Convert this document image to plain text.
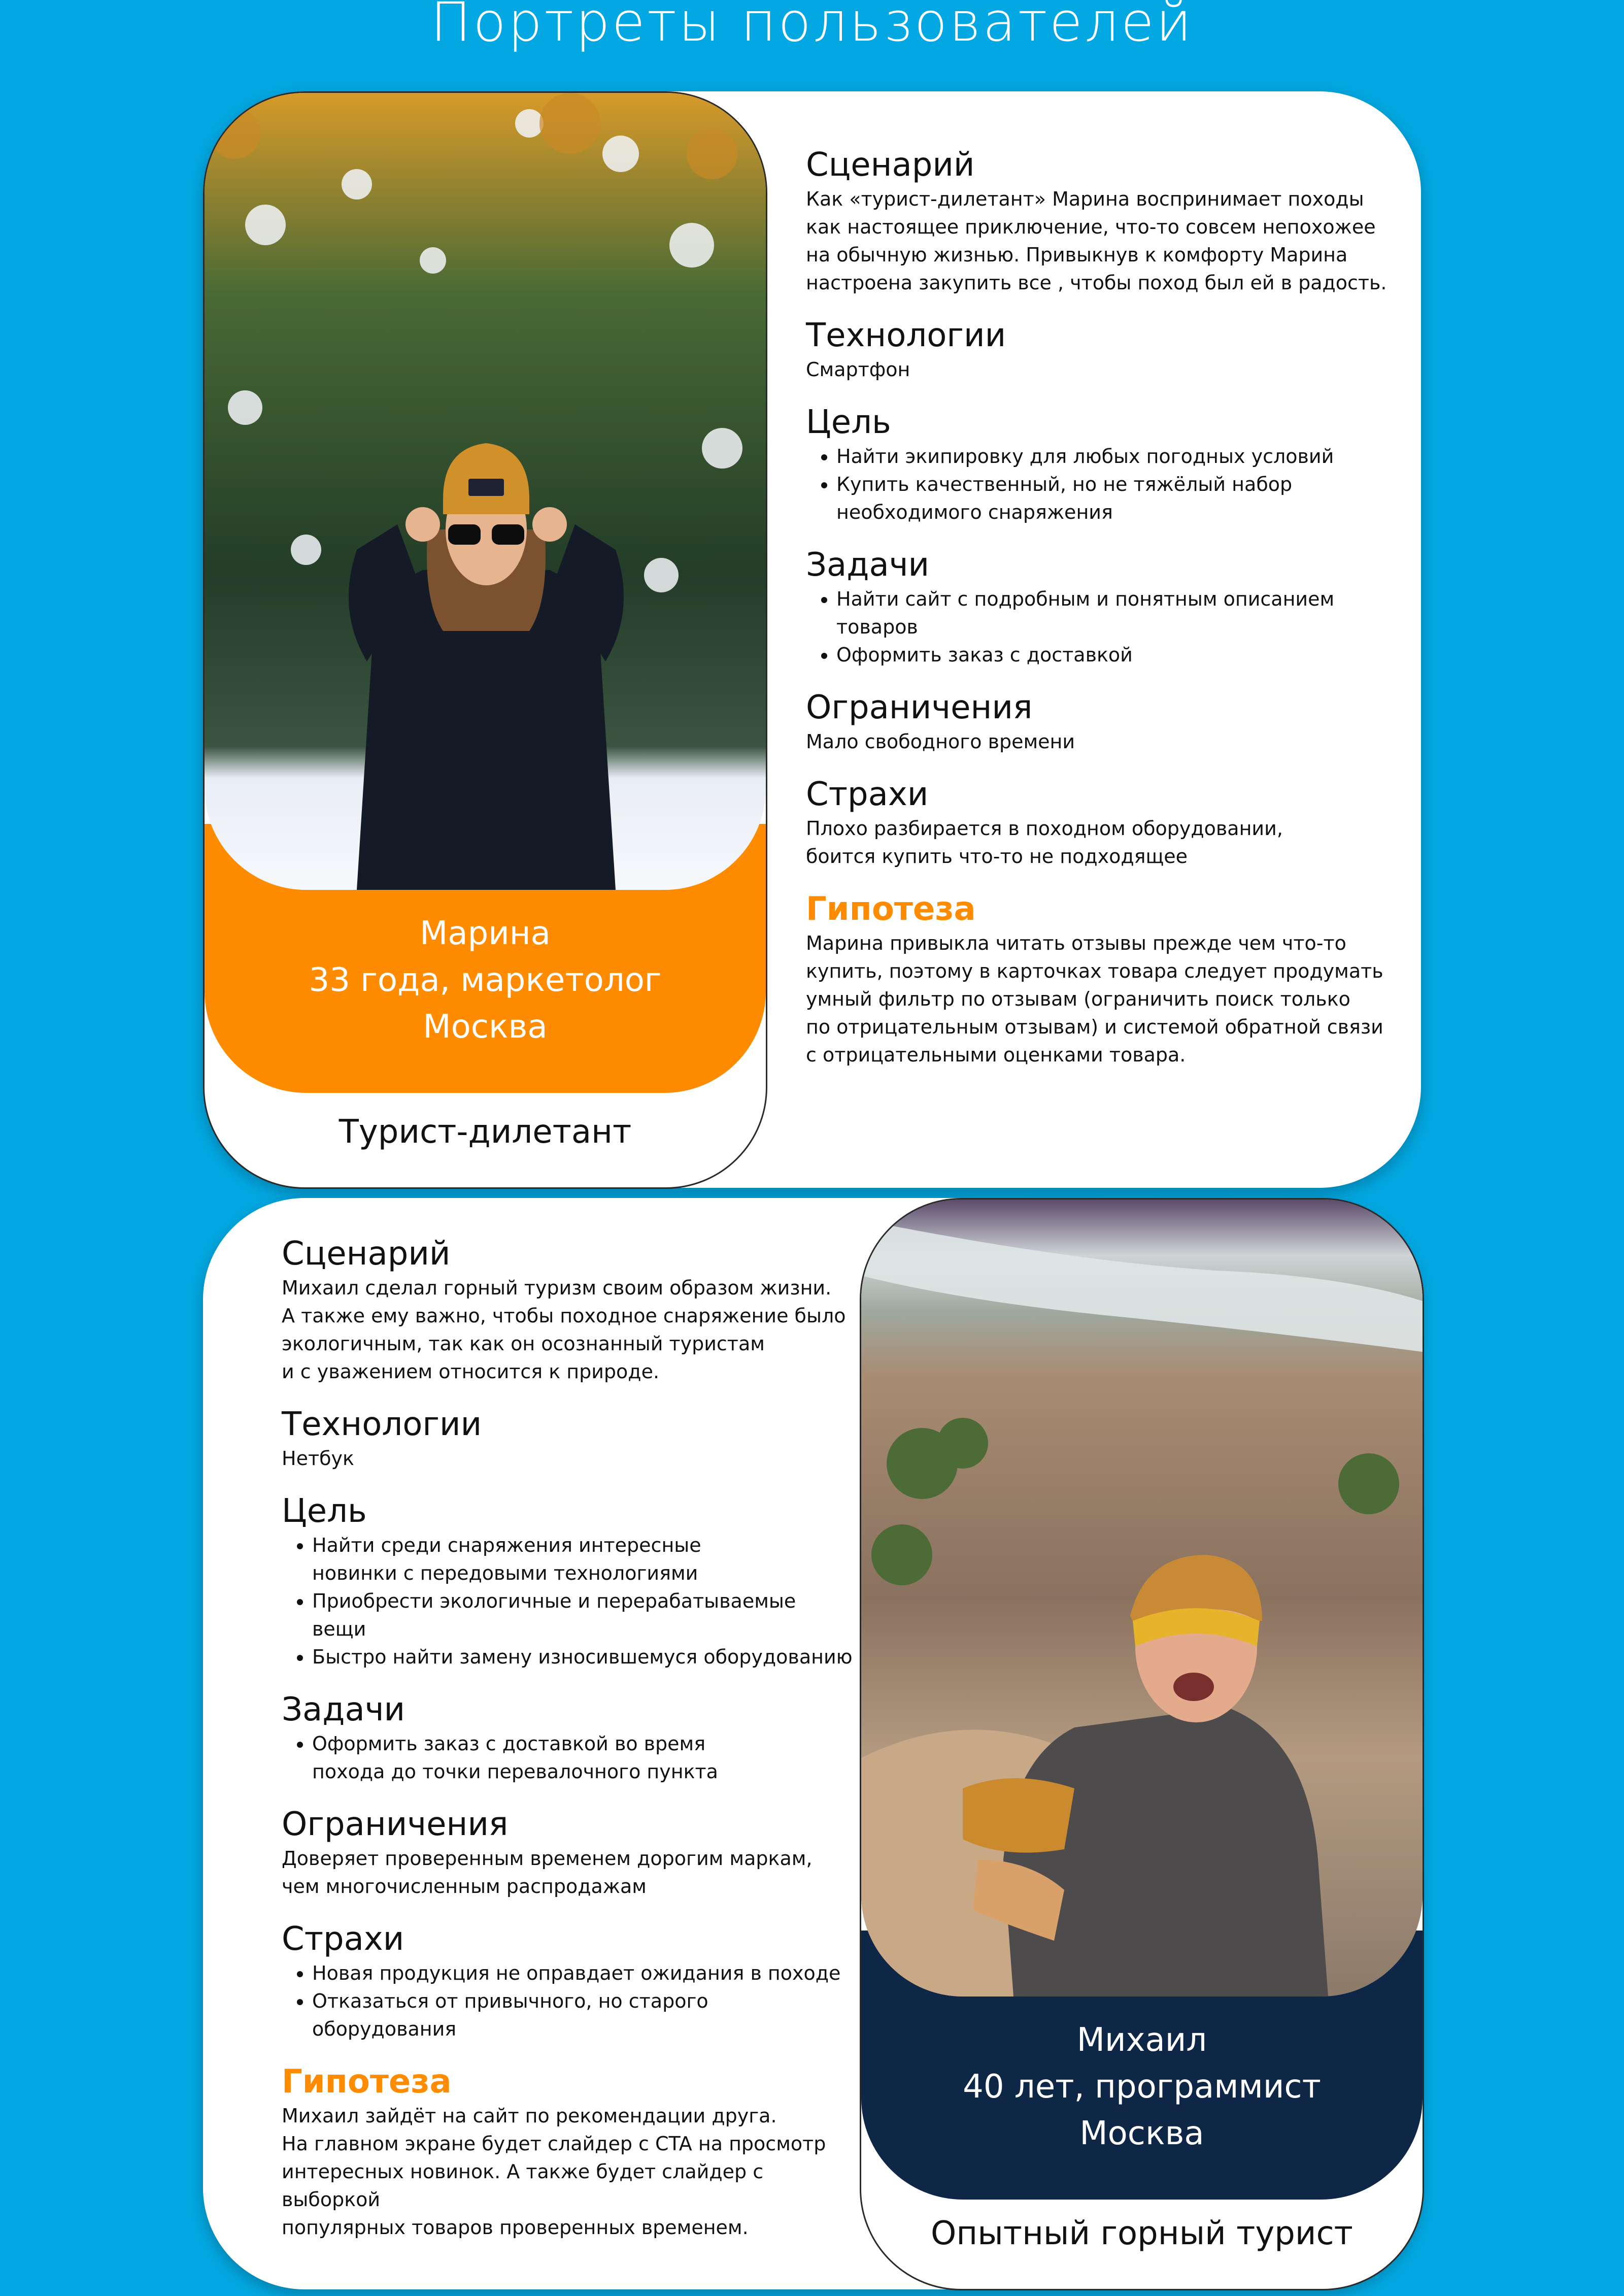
Портреты пользователей
Марина
33 года, маркетолог
Москва
Турист-дилетант
Сценарий

Как «турист-дилетант» Марина воспринимает походы
как настоящее приключение, что-то совсем непохожее
на обычную жизнью. Привыкнув к комфорту Марина
настроена закупить все , чтобы поход был ей в радость.

Технологии

Смартфон

Цель
• Найти экипировку для любых погодных условий
• Купить качественный, но не тяжёлый набор необходимого снаряжения
Задачи
• Найти сайт с подробным и понятным описанием товаров
• Оформить заказ с доставкой
Ограничения

Мало свободного времени

Страхи

Плохо разбирается в походном оборудовании,
боится купить что-то не подходящее

Гипотеза

Марина привыкла читать отзывы прежде чем что-то
купить, поэтому в карточках товара следует продумать
умный фильтр по отзывам (ограничить поиск только
по отрицательным отзывам) и системой обратной связи
с отрицательными оценками товара.

Сценарий

Михаил сделал горный туризм своим образом жизни.
А также ему важно, чтобы походное снаряжение было
экологичным, так как он осознанный туристам
и с уважением относится к природе.

Технологии

Нетбук

Цель
• Найти среди снаряжения интересные новинки с передовыми технологиями
• Приобрести экологичные и перерабатываемые вещи
• Быстро найти замену износившемуся оборудованию
Задачи
• Оформить заказ с доставкой во время похода до точки перевалочного пункта
Ограничения

Доверяет проверенным временем дорогим маркам,
чем многочисленным распродажам

Страхи
• Новая продукция не оправдает ожидания в походе
• Отказаться от привычного, но старого оборудования
Гипотеза

Михаил зайдёт на сайт по рекомендации друга.
На главном экране будет слайдер с CTA на просмотр
интересных новинок. А также будет слайдер с выборкой
популярных товаров проверенных временем.

Михаил
40 лет, программист
Москва
Опытный горный турист
